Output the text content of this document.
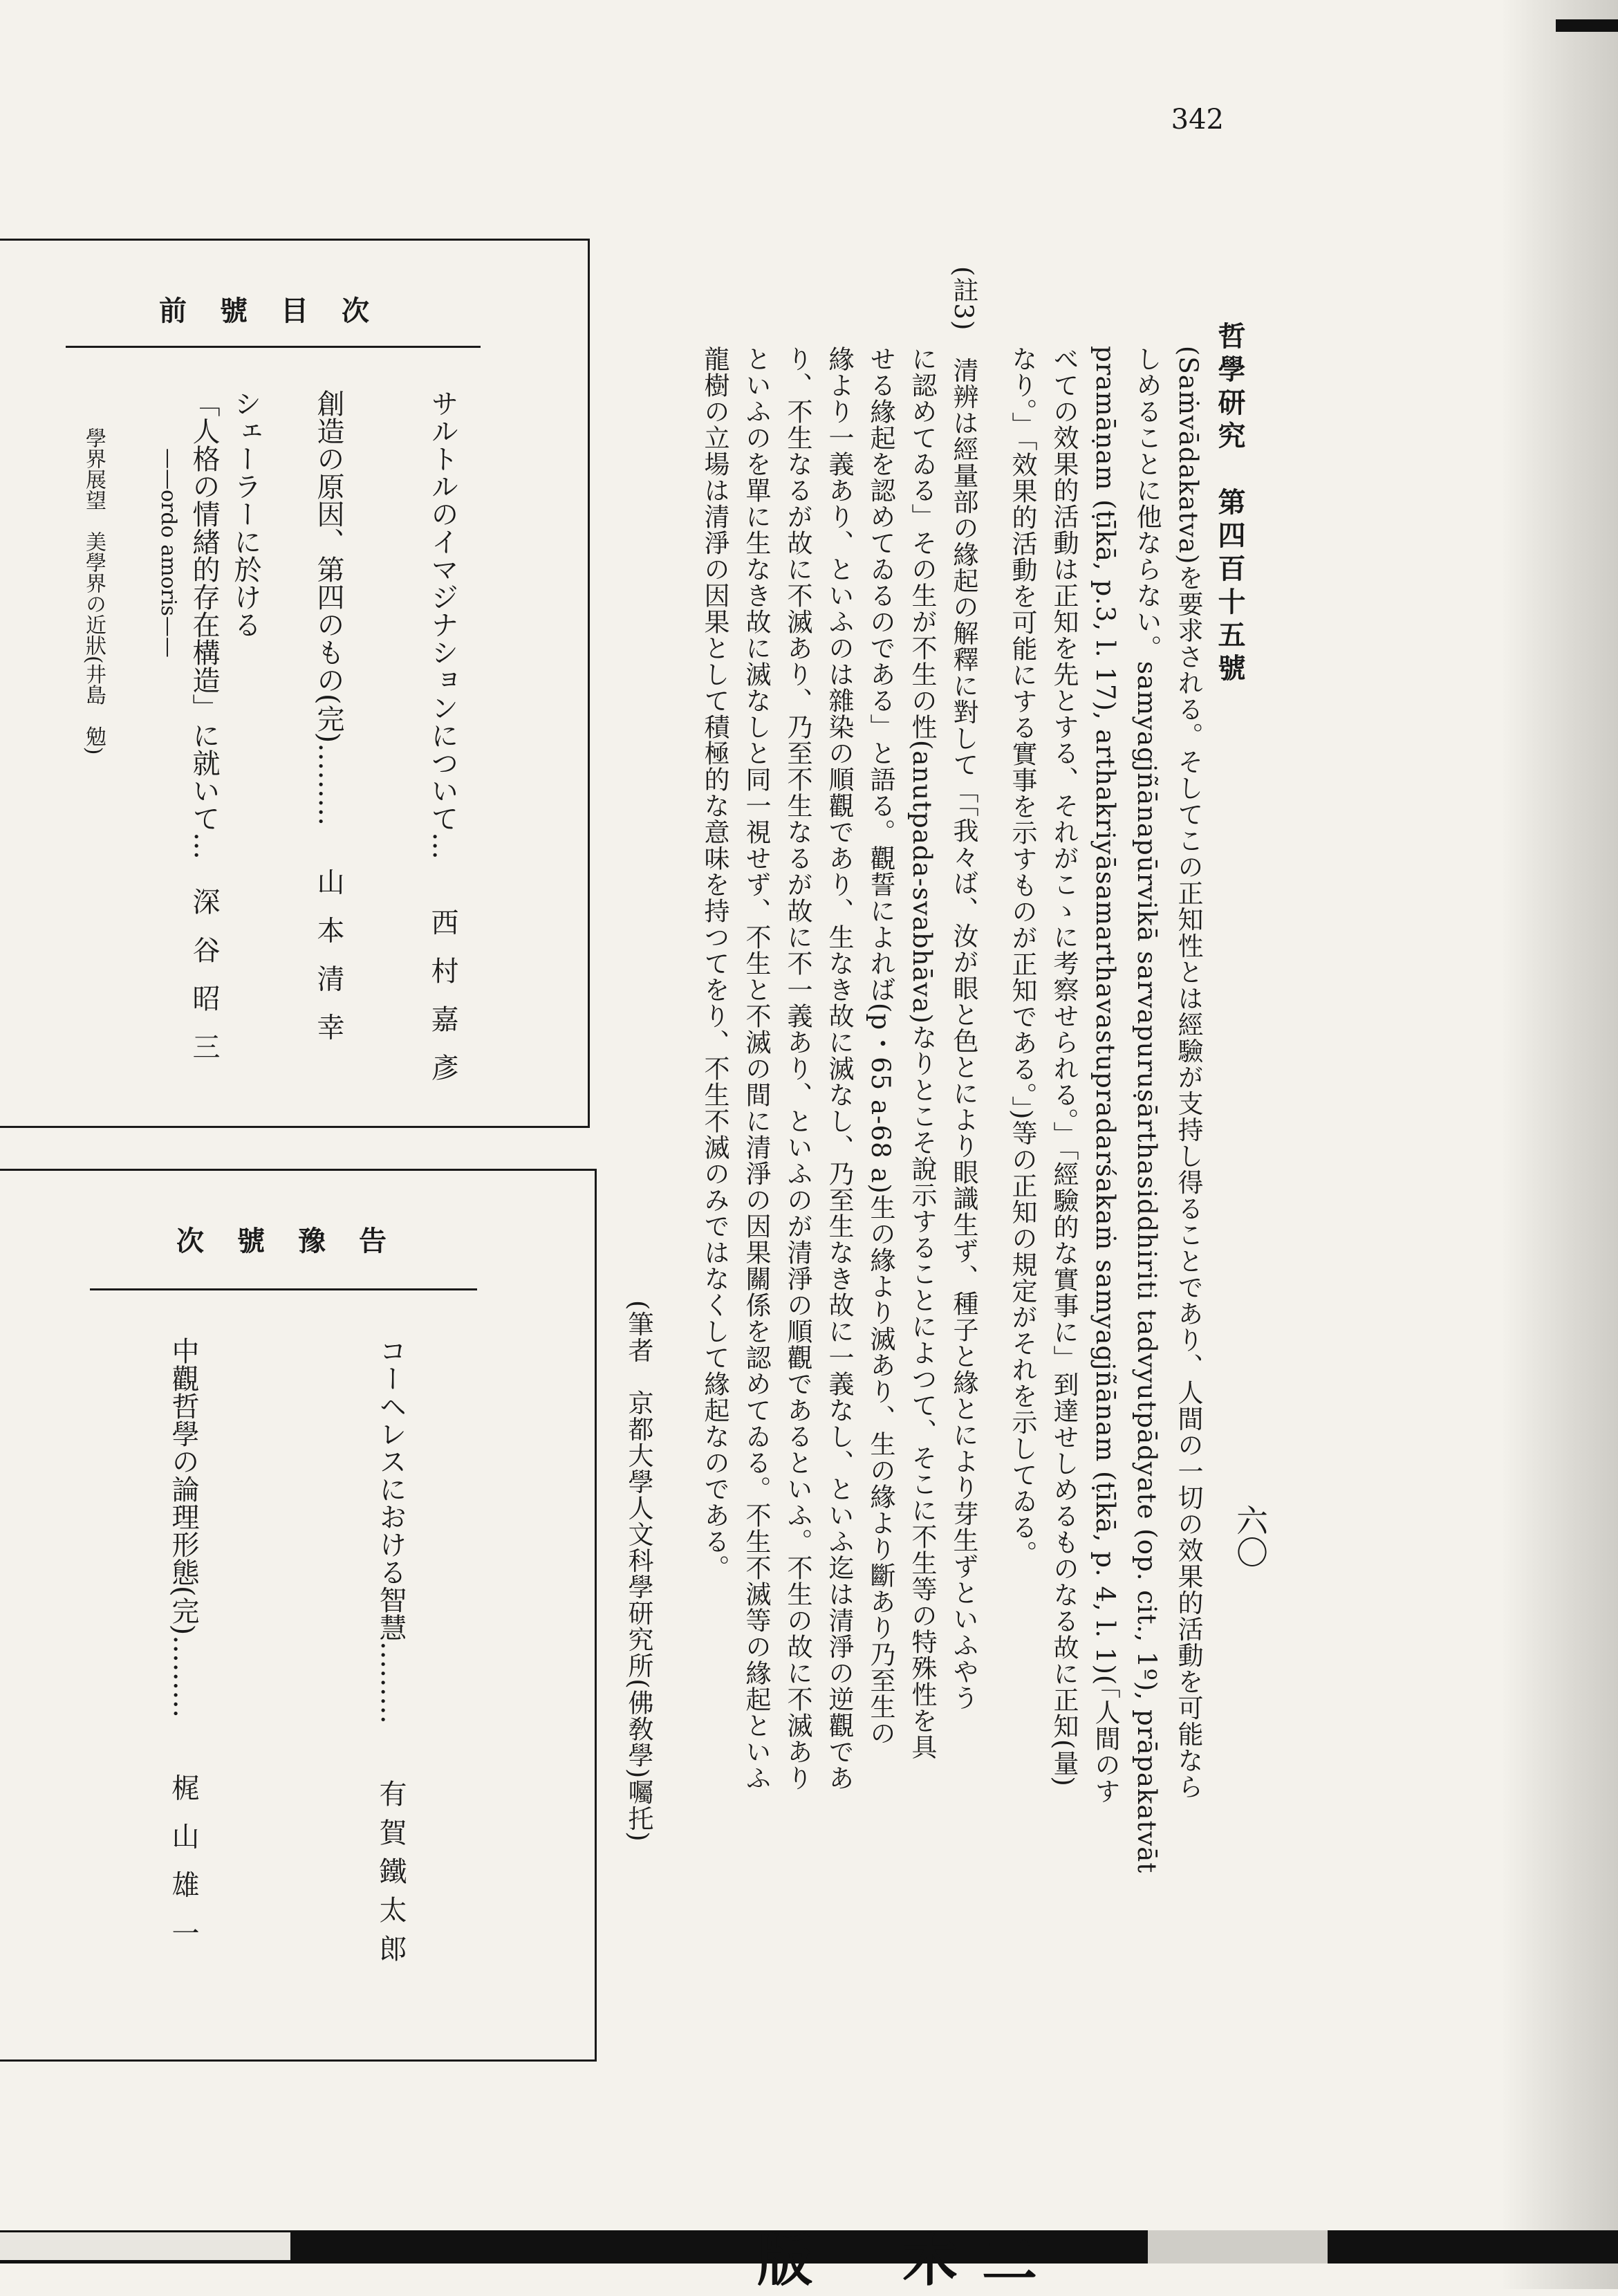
342
哲學研究　第四百十五號
(Saṁvādakatva)を要求される。そしてこの正知性とは經驗が支持し得ることであり、人間の一切の效果的活動を可能なら
しめることに他ならない。samyagjñānapūrvikā sarvapuruṣārthasiddhiriti tadvyutpādyate (op. cit., 1º), prāpakatvāt
pramāṇam (ṭīkā, p.3, l. 17), arthakriyāsamarthavastupradarśakaṁ samyagjñānam (ṭīkā, p. 4, l. 1)(「人間のす
べての效果的活動は正知を先とする、それがこゝに考察せられる。」「經驗的な實事に」到達せしめるものなる故に正知(量)
なり。」「效果的活動を可能にする實事を示すものが正知である。」)等の正知の規定がそれを示してゐる。
(註3)　清辨は經量部の緣起の解釋に對して「「我々ば、汝が眼と色とにより眼識生ず、種子と緣とにより芽生ずといふやう
に認めてゐる」その生が不生の性(anutpada-svabhāva)なりとこそ說示することによつて、そこに不生等の特殊性を具
せる緣起を認めてゐるのである」と語る。觀誓によれば(p・65 a-68 a)生の緣より滅あり、生の緣より斷あり乃至生の
緣より一義あり、といふのは雜染の順觀であり、生なき故に滅なし、乃至生なき故に一義なし、といふ迄は清淨の逆觀であ
り、不生なるが故に不滅あり、乃至不生なるが故に不一義あり、といふのが清淨の順觀であるといふ。不生の故に不滅あり
といふのを單に生なき故に滅なしと同一視せず、不生と不滅の間に清淨の因果關係を認めてゐる。不生不滅等の緣起といふ
龍樹の立場は清淨の因果として積極的な意味を持つてをり、不生不滅のみではなくして緣起なのである。
(筆者　京都大學人文科學研究所(佛敎學)囑托)	六〇
前號目次
サルトルのイマジナションについて…西村嘉彥
創造の原因、第四のもの(完)………山本清幸
シェーラーに於ける
「人格の情緖的存在構造」に就いて…深谷昭三
——ordo amoris——
學界展望　美學界の近狀(井島　勉)
次號豫告
コーヘレスにおける智慧………有賀鐵太郎
中觀哲學の論理形態(完)………梶山雄一
版 木 二
